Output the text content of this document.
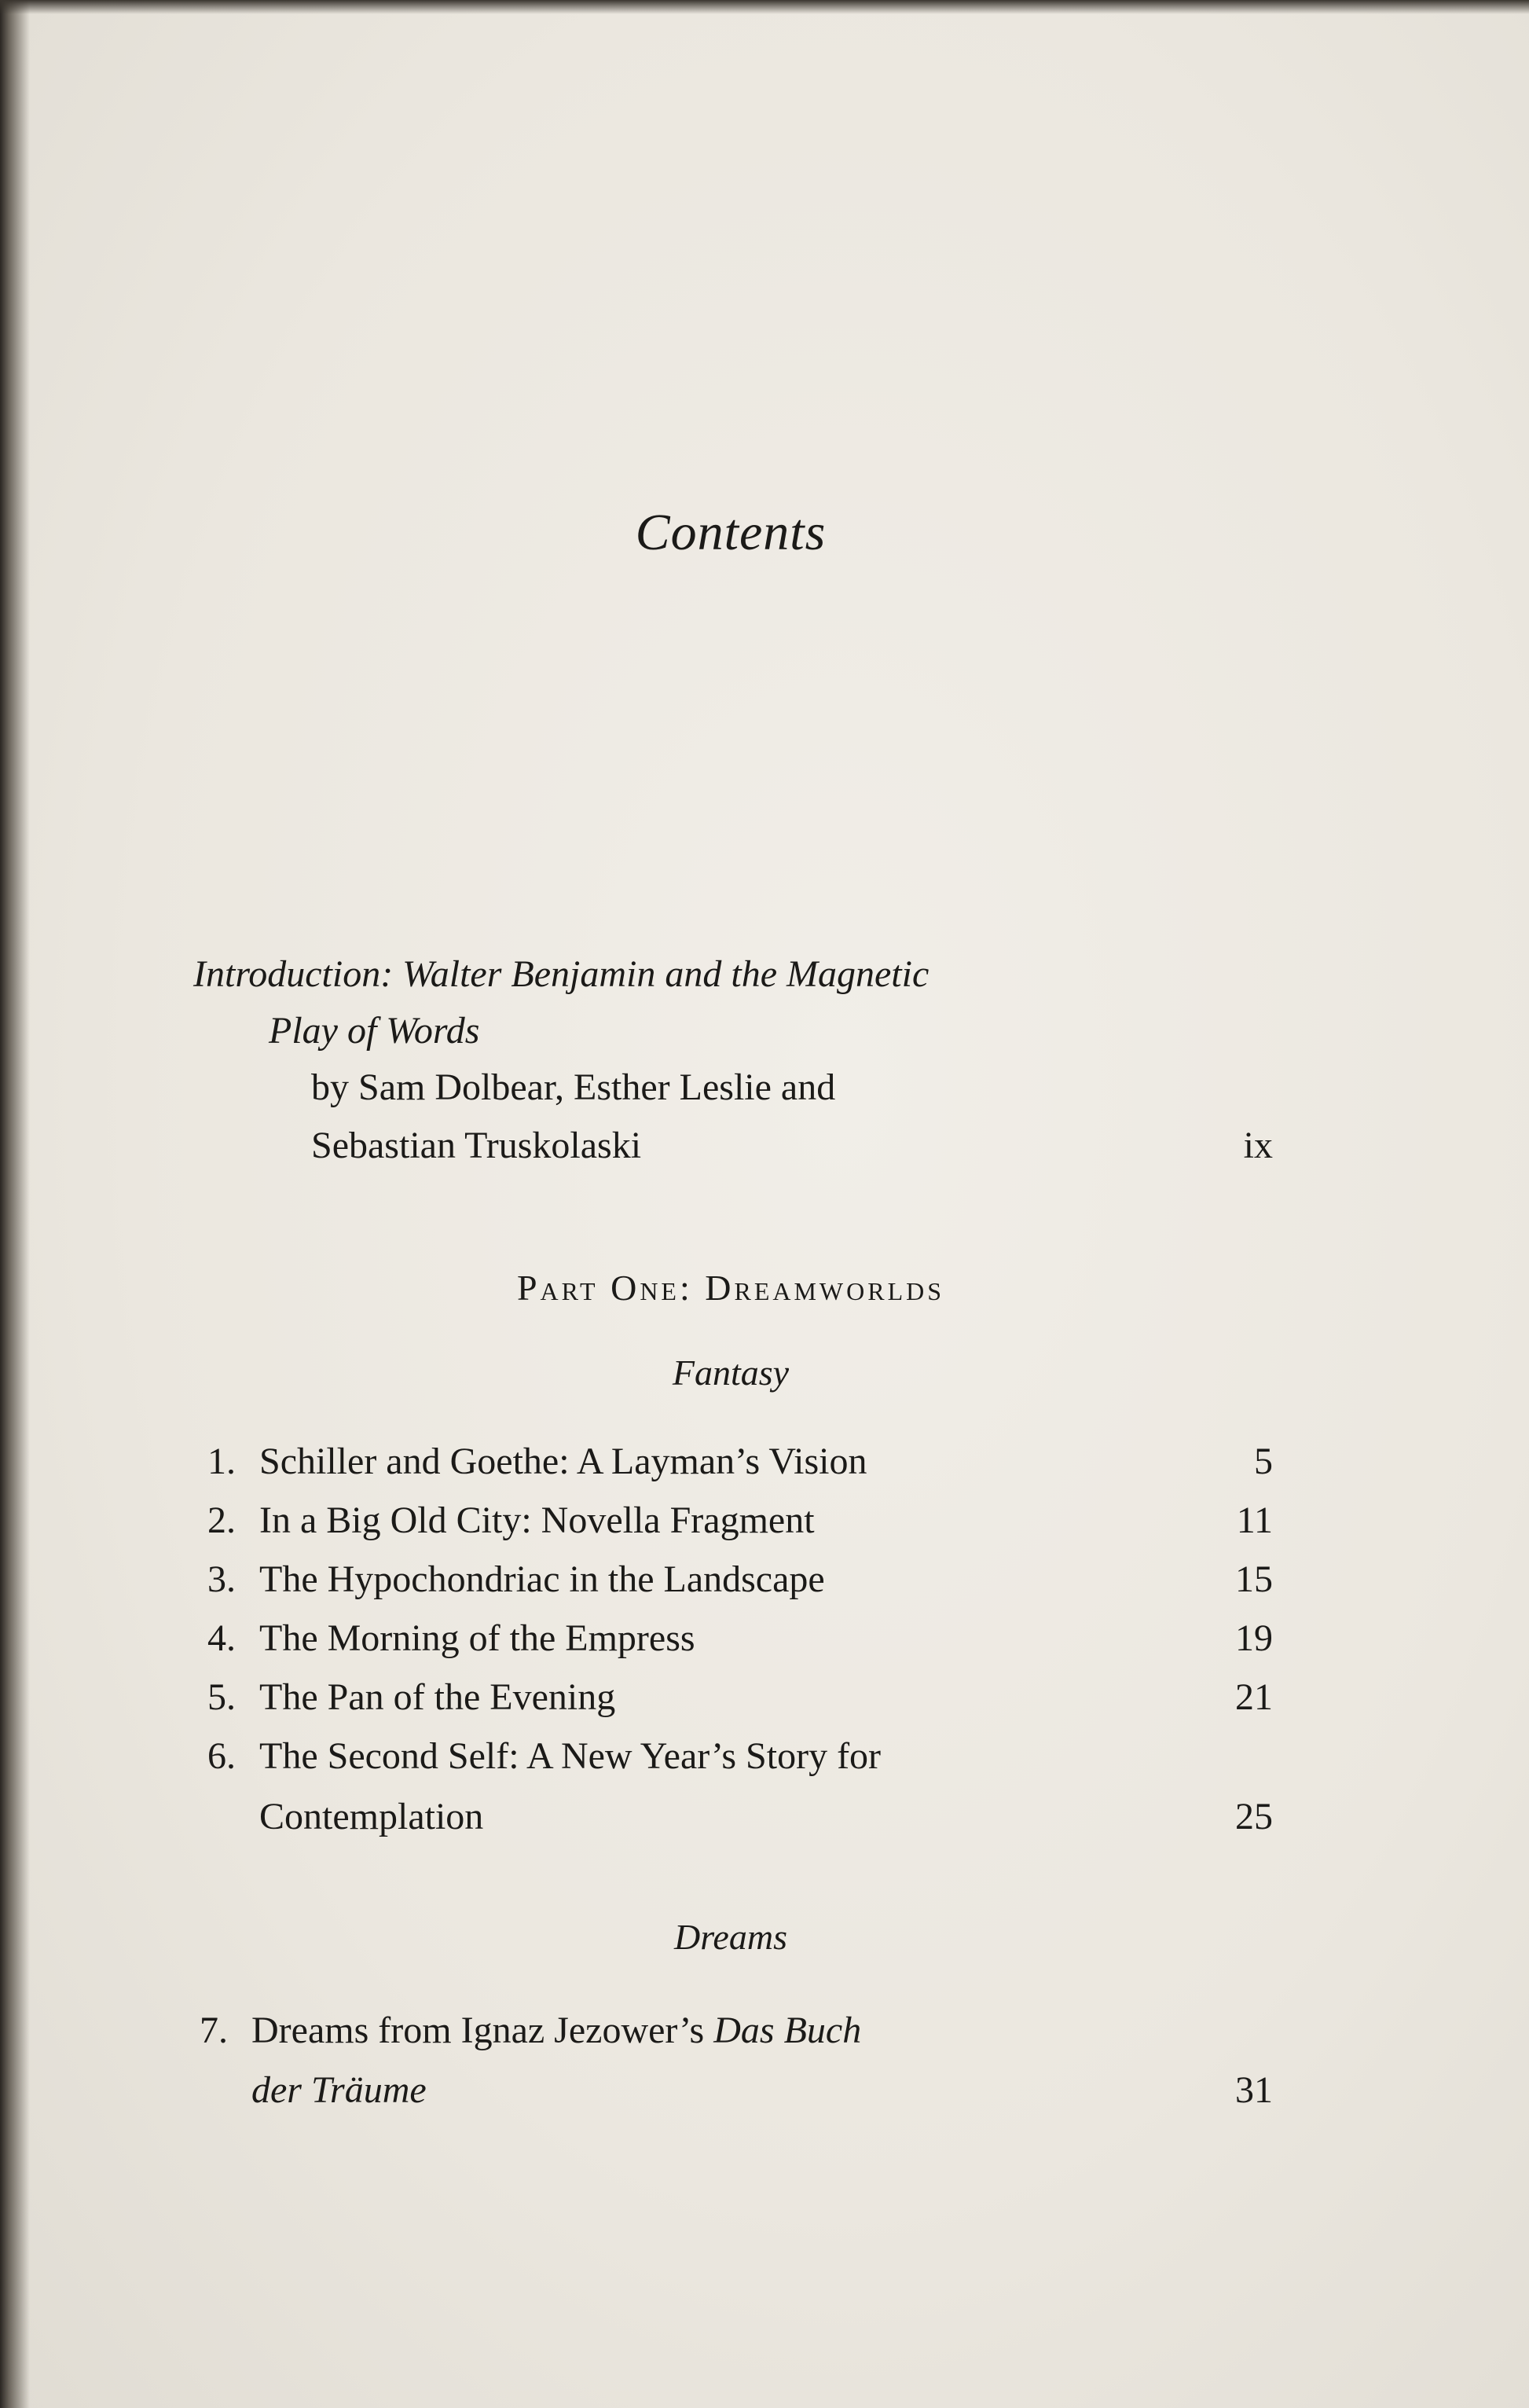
Contents
Introduction: Walter Benjamin and the Magnetic
Play of Words
by Sam Dolbear, Esther Leslie and
Sebastian Truskolaski	ix
Part One: Dreamworlds
Fantasy
1. Schiller and Goethe: A Layman’s Vision	5
2. In a Big Old City: Novella Fragment	11
3. The Hypochondriac in the Landscape	15
4. The Morning of the Empress	19
5. The Pan of the Evening	21
6. The Second Self: A New Year’s Story for
Contemplation	25
Dreams
7. Dreams from Ignaz Jezower’s Das Buch
der Träume	31
